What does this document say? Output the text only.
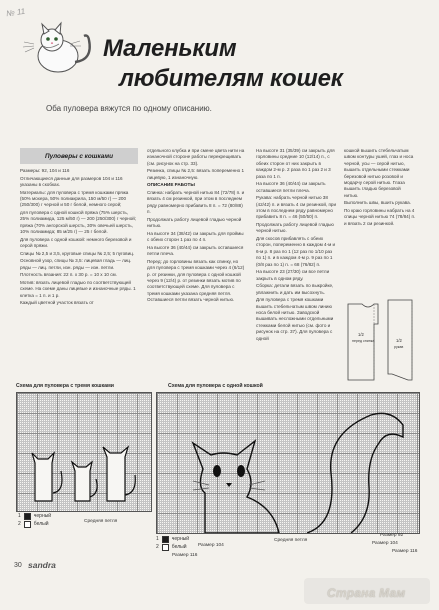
№ 11
Маленьким
любителям кошек
Оба пуловера вяжутся по одному описанию.
Пуловеры с кошками

Размеры: 92, 104 и 116

Отличающиеся данные для размеров 104 и 116 указаны в скобках.

Материалы: для пуловера с тремя кошками пряжа (50% мохера, 50% полиакрила, 150 м/50 г) — 200 (250/300) г черной и 50 г белой, немного серой;

для пуловера с одной кошкой пряжа (75% шерсть, 25% полиамида, 125 м/50 г) — 200 (250/300) г черной; пряжа (70% ангорской шерсть, 30% овечьей шерсть, 10% полиамида; 85 м/25 г) — 25 г белой.

Для пуловера с одной кошкой: немного березовой и серой пряжи.

Спицы № 2,5 и 3,5, круговые спицы № 2,5; 5 пуговиц.

Основной узор, спицы № 3,5: лицевая гладь — лиц. ряды — лиц. петли, изн. ряды — изн. петли.

Плотность вязания: 22 п. x 30 р. = 10 x 10 см.

Мотив: вязать лицевой гладью по соответствующей схеме. На схеме даны лицевые и изнаночные ряды. 1 клетка = 1 п. и 1 р.

Каждый цветной участок вязать от

отдельного клубка и при смене цвета нити на изнаночной стороне работы перекрещивать (см. рисунок на стр. 33).

Резинка, спицы № 2,5: вязать попеременно 1 лицевую, 1 изнаночную.

ОПИСАНИЕ РАБОТЫ

Спинка: набрать черной нитью 84 (72/78) п. и вязать 4 см резинкой, при этом в последнем ряду равномерно прибавить 8 п. = 72 (80/88) п.

Продолжать работу лицевой гладью черной нитью.

На высоте 34 (38/42) см закрыть для проймы с обеих сторон 1 раз по 4 п.

На высоте 36 (40/44) см закрыть оставшиеся петли плеча.

Перед: до горловины вязать как спинку, но для пуловера с тремя кошками через 4 (6/12) р. от резинки, для пуловера с одной кошкой через 9 (12/4) р. от резинки вязать мотив по соответствующей схеме. Для пуловера с тремя кошками указана средняя петля. Оставшиеся петли вязать черной нитью.

На высоте 31 (35/39) см закрыть для горловины средние 10 (12/14) п., с обеих сторон от них закрыть в каждом 2-м р. 2 раза по 1 раз 2 и 3 раза по 1 п.

На высоте 36 (40/44) см закрыть оставшиеся петли плеча.

Рукава: набрать черной нитью 38 (42/42) п. и вязать 4 см резинкой, при этом в последнем ряду равномерно прибавить 8 п. = 46 (50/50) п.

Продолжать работу лицевой гладью черной нитью.

Для скосов прибавлять с обеих сторон, попеременно в каждом 4-м и 6-м р. 8 раз по 1 (12 раз по 1/10 раз по 1) п. и в каждом 4-м р. 9 раз по 1 (0/8 раз по 1) п. = 68 (76/82) п.

На высоте 23 (27/30) см все петли закрыть в одном ряду.

Сборка: детали вязать по выкройке, увлажнить и дать им высохнуть.

Для пуловера с тремя кошками вышить стебельчатым швом линию носа белой нитью. Заводской вышивать несложными отдельными стежками белой нитью (см. фото и рисунок на стр. 37). Для пуловера с одной

кошкой вышить стебельчатым швом контуры ушей, глаз и носа черной, усы — серой нитью, вышить отдельными стежками березовой нитью розовой и модарчу серой нитью. Глаза вышить гладью березовой нитью.

Выполнить швы, вшить рукава.

По краю горловины набрать на 4 спицы черной нитью 74 (78/84) п. и вязать 2 см резинкой.

1/2
перед спинка	1/2
рукав
Схема для пуловера с тремя кошками	Схема для пуловера с одной кошкой
1	черный
2	белый	Средняя петля
1	черный
2	белый
Размер 116
Размер 104
Средняя петля
Размер 92
Размер 104
Размер 116
30 sandra
Страна Мам
